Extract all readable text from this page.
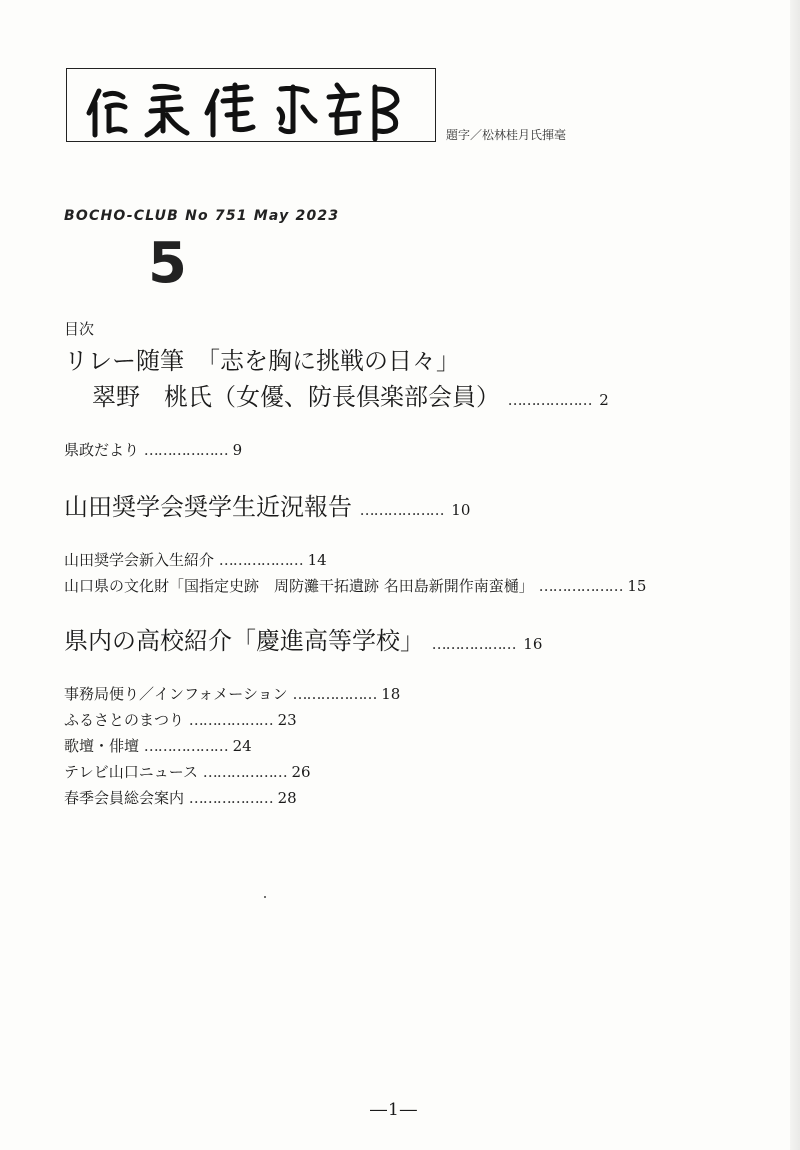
題字／松林桂月氏揮毫
BOCHO-CLUB No 751 May 2023
5
目次
リレー随筆　「志を胸に挑戦の日々」
翠野　桃氏（女優、防長倶楽部会員） ……………… 2
県政だより ……………… 9
山田奨学会奨学生近況報告 ……………… 10
山田奨学会新入生紹介 ……………… 14
山口県の文化財「国指定史跡　周防灘干拓遺跡 名田島新開作南蛮樋」 ……………… 15
県内の高校紹介「慶進高等学校」 ……………… 16
事務局便り／インフォメーション ……………… 18
ふるさとのまつり ……………… 23
歌壇・俳壇 ……………… 24
テレビ山口ニュース ……………… 26
春季会員総会案内 ……………… 28
―1―
